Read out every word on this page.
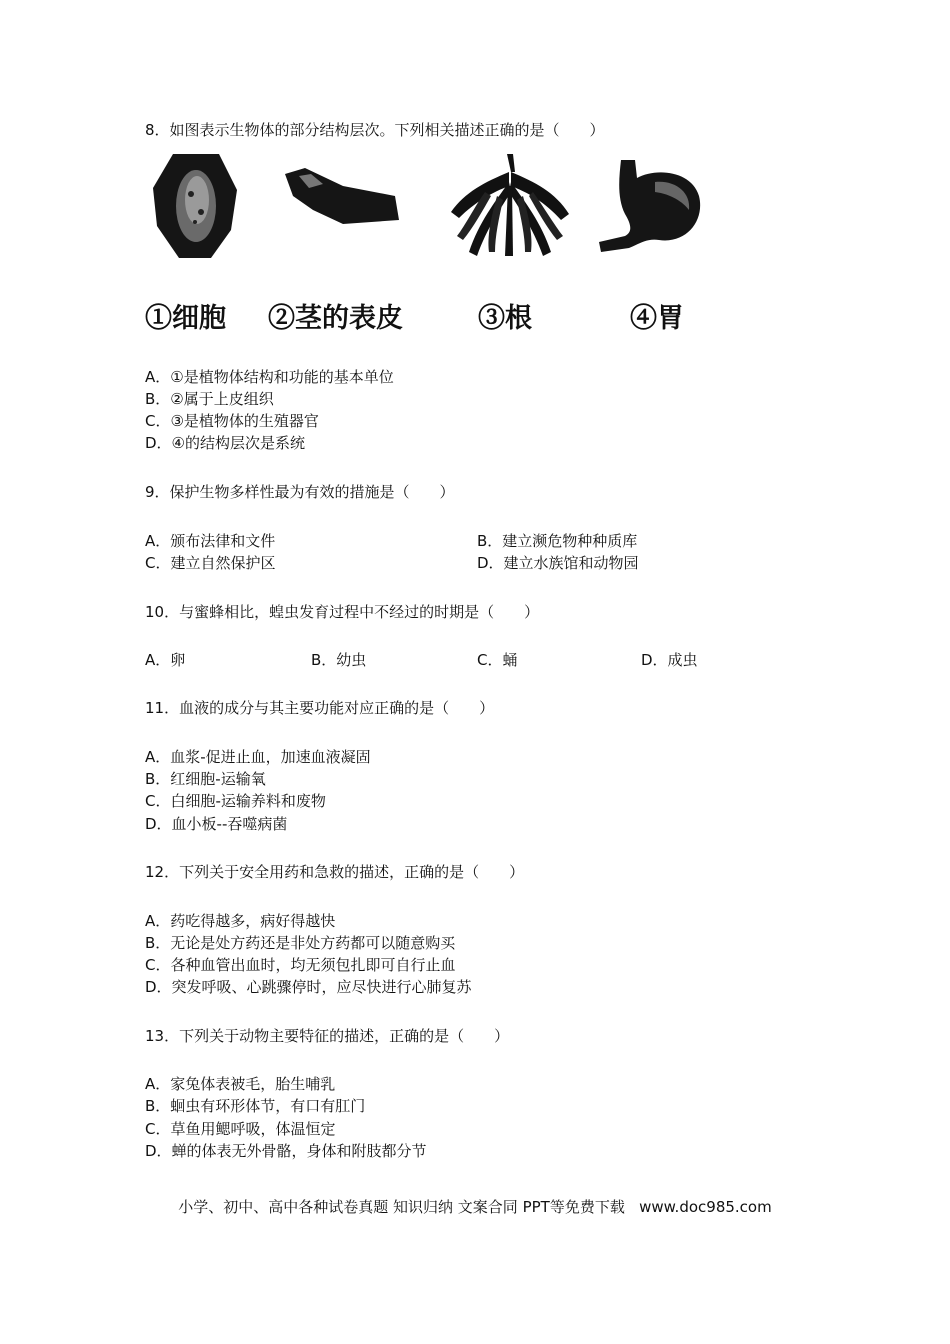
8．如图表示生物体的部分结构层次。下列相关描述正确的是（　　）
①细胞 ②茎的表皮	③根	④胃
A．①是植物体结构和功能的基本单位
B．②属于上皮组织
C．③是植物体的生殖器官
D．④的结构层次是系统
9．保护生物多样性最为有效的措施是（　　）
A．颁布法律和文件	B．建立濒危物种种质库
C．建立自然保护区	D．建立水族馆和动物园
10．与蜜蜂相比，蝗虫发育过程中不经过的时期是（　　）
A．卵	B．幼虫	C．蛹	D．成虫
11．血液的成分与其主要功能对应正确的是（　　）
A．血浆-促进止血，加速血液凝固
B．红细胞-运输氧
C．白细胞-运输养料和废物
D．血小板--吞噬病菌
12．下列关于安全用药和急救的描述，正确的是（　　）
A．药吃得越多，病好得越快
B．无论是处方药还是非处方药都可以随意购买
C．各种血管出血时，均无须包扎即可自行止血
D．突发呼吸、心跳骤停时，应尽快进行心肺复苏
13．下列关于动物主要特征的描述，正确的是（　　）
A．家兔体表被毛，胎生哺乳
B．蛔虫有环形体节，有口有肛门
C．草鱼用鳃呼吸，体温恒定
D．蝉的体表无外骨骼，身体和附肢都分节
小学、初中、高中各种试卷真题 知识归纳 文案合同 PPT等免费下载   www.doc985.com
